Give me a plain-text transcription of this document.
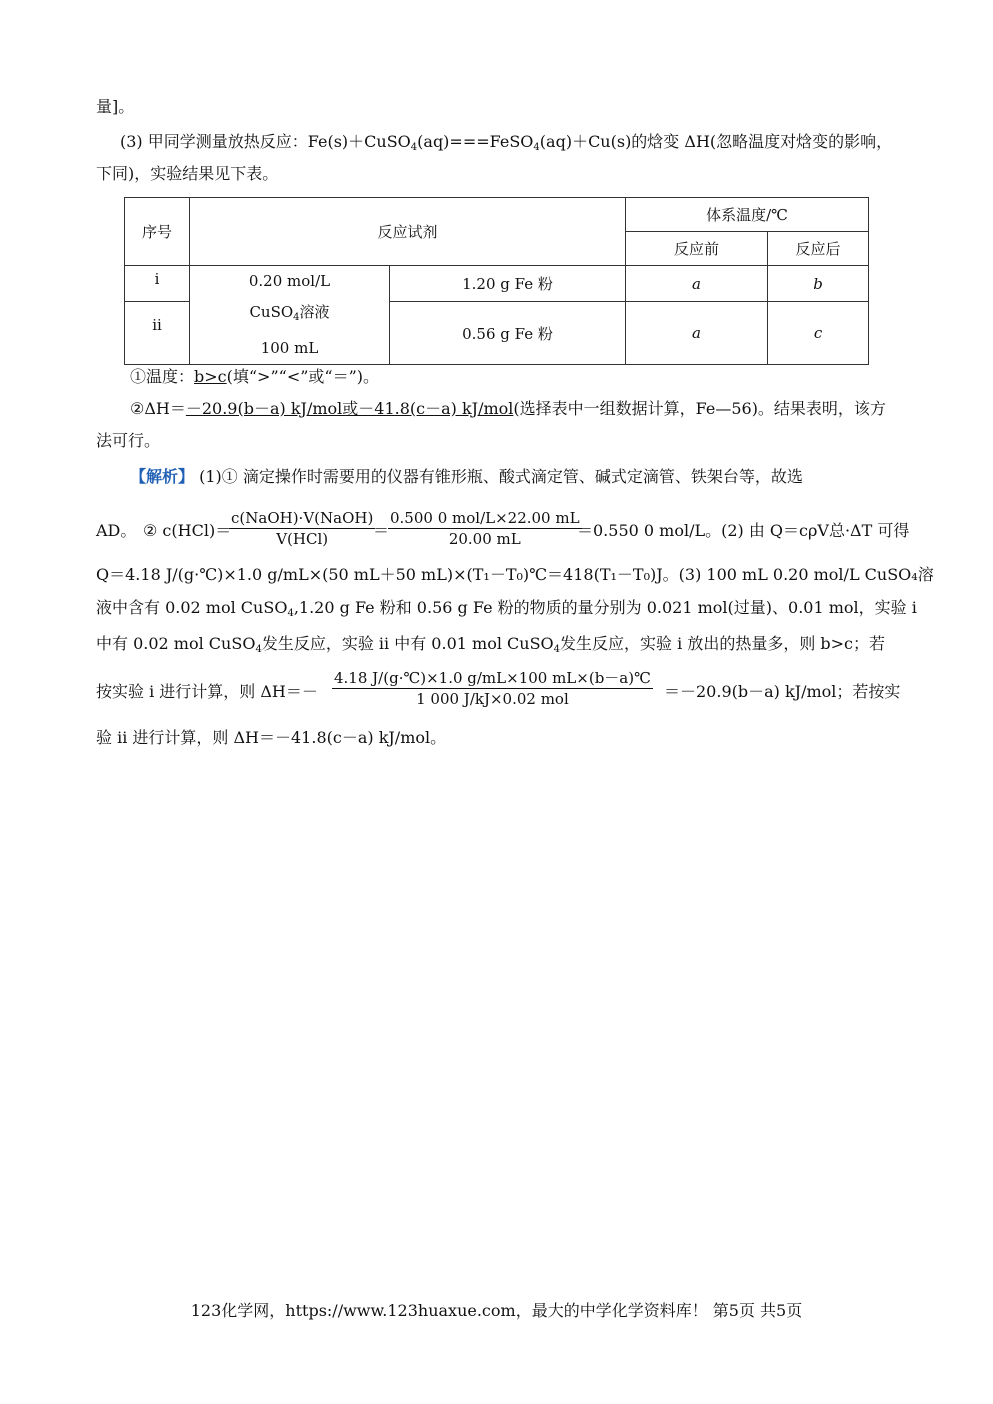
量]。
(3) 甲同学测量放热反应：Fe(s)＋CuSO$_4$(aq)===FeSO$_4$(aq)＋Cu(s)的焓变 ΔH(忽略温度对焓变的影响，
下同)，实验结果见下表。
序号	反应试剂		体系温度/℃	
			反应前	反应后
i	0.20 mol/L
CuSO$_4$溶液
100 mL	1.20 g Fe 粉	a	b
ii		0.56 g Fe 粉	a	c
①温度：b>c(填“>”“<”或“＝”)。
②ΔH＝－20.9(b－a) kJ/mol或－41.8(c－a) kJ/mol(选择表中一组数据计算，Fe—56)。结果表明，该方
法可行。
【解析】 (1)① 滴定操作时需要用的仪器有锥形瓶、酸式滴定管、碱式定滴管、铁架台等，故选
AD。 ② c(HCl)＝
c(NaOH)·V(NaOH)
V(HCl)	＝
0.500 0 mol/L×22.00 mL
20.00 mL	＝0.550 0 mol/L。(2) 由 Q＝cρV总·ΔT 可得
Q＝4.18 J/(g·℃)×1.0 g/mL×(50 mL＋50 mL)×(T₁－T₀)℃＝418(T₁－T₀)J。(3) 100 mL 0.20 mol/L CuSO₄溶
液中含有 0.02 mol CuSO$_4$,1.20 g Fe 粉和 0.56 g Fe 粉的物质的量分别为 0.021 mol(过量)、0.01 mol，实验 i
中有 0.02 mol CuSO$_4$发生反应，实验 ii 中有 0.01 mol CuSO$_4$发生反应，实验 i 放出的热量多，则 b>c；若
按实验 i 进行计算，则 ΔH＝－
4.18 J/(g·℃)×1.0 g/mL×100 mL×(b－a)℃
1 000 J/kJ×0.02 mol	＝－20.9(b－a) kJ/mol；若按实
验 ii 进行计算，则 ΔH＝－41.8(c－a) kJ/mol。
123化学网，https://www.123huaxue.com，最大的中学化学资料库！ 第5页 共5页
